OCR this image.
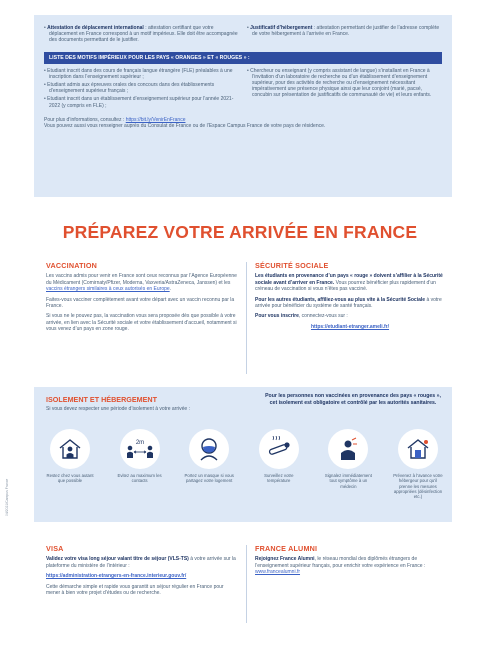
• Attestation de déplacement international : attestation certifiant que votre déplacement en France correspond à un motif impérieux. Elle doit être accompagnée des documents permettant de le justifier.
• Justificatif d’hébergement : attestation permettant de justifier de l’adresse complète de votre hébergement à l’arrivée en France.
LISTE DES MOTIFS IMPÉRIEUX POUR LES PAYS « ORANGES » ET « ROUGES » :
• Etudiant inscrit dans des cours de français langue étrangère (FLE) préalables à une inscription dans l’enseignement supérieur ;
• Etudiant admis aux épreuves orales des concours dans des établissements d’enseignement supérieur français ;
• Etudiant inscrit dans un établissement d’enseignement supérieur pour l’année 2021-2022 (y compris en FLE) ;
• Chercheur ou enseignant (y compris assistant de langue) s’installant en France à l’invitation d’un laboratoire de recherche ou d’un établissement d’enseignement supérieur, pour des activités de recherche ou d’enseignement nécessitant impérativement une présence physique ainsi que leur conjoint (marié, pacsé, concubin sur présentation de justificatifs de communauté de vie) et leurs enfants.
Pour plus d’informations, consultez : https://bit.ly/VenirEnFrance
Vous pouvez aussi vous renseigner auprès du Consulat de France ou de l’Espace Campus France de votre pays de résidence.
PRÉPAREZ VOTRE ARRIVÉE EN FRANCE
VACCINATION

Les vaccins admis pour venir en France sont ceux reconnus par l’Agence Européenne du Médicament (Comirnaty/Pfizer, Moderna, Vaxveria/AstraZeneca, Janssen) et les vaccins étrangers similaires à ceux autorisés en Europe.

Faites-vous vacciner complètement avant votre départ avec un vaccin reconnu par la France.

Si vous ne le pouvez pas, la vaccination vous sera proposée dès que possible à votre arrivée, en lien avec la Sécurité sociale et votre établissement d’accueil, notamment si vous venez d’un pays en zone rouge.

SÉCURITÉ SOCIALE

Les étudiants en provenance d’un pays « rouge » doivent s’affilier à la Sécurité sociale avant d’arriver en France. Vous pourrez bénéficier plus rapidement d’un créneau de vaccination si vous n’êtes pas vacciné.

Pour les autres étudiants, affiliez-vous au plus vite à la Sécurité Sociale à votre arrivée pour bénéficier du système de santé français.

Pour vous inscrire, connectez-vous sur :

https://etudiant-etranger.ameli.fr/

ISOLEMENT ET HÉBERGEMENT
Si vous devez respecter une période d’isolement à votre arrivée :
Pour les personnes non vaccinées en provenance des pays « rouges », cet isolement est obligatoire et contrôlé par les autorités sanitaires.
Restez chez vous autant que possible
2m
Evitez au maximum les contacts
Portez un masque si vous partagez votre logement
Surveillez votre température
Signalez immédiatement tout symptôme à un médecin
Prévenez à l’avance votre hébergeur pour qu’il prenne les mesures appropriées (désinfection etc.)
VISA

Validez votre visa long séjour valant titre de séjour (VLS-TS) à votre arrivée sur la plateforme du ministère de l’intérieur :

https://administration-etrangers-en-france.interieur.gouv.fr/

Cette démarche simple et rapide vous garantit un séjour régulier en France pour mener à bien votre projet d’études ou de recherche.

FRANCE ALUMNI

Rejoignez France Alumni, le réseau mondial des diplômés étrangers de l’enseignement supérieur français, pour enrichir votre expérience en France : www.francealumni.fr

04/2021/Campus France
